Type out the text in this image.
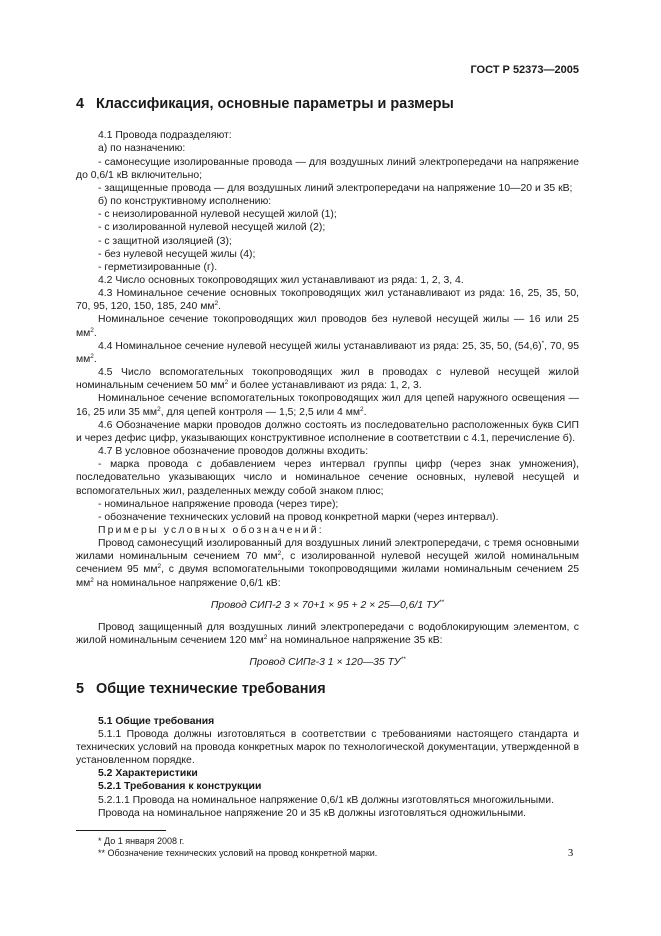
ГОСТ Р 52373—2005
4 Классификация, основные параметры и размеры

4.1 Провода подразделяют:

а) по назначению:

- самонесущие изолированные провода — для воздушных линий электропередачи на напряжение до 0,6/1 кВ включительно;

- защищенные провода — для воздушных линий электропередачи на напряжение 10—20 и 35 кВ;

б) по конструктивному исполнению:

- с неизолированной нулевой несущей жилой (1);

- с изолированной нулевой несущей жилой (2);

- с защитной изоляцией (3);

- без нулевой несущей жилы (4);

- герметизированные (г).

4.2 Число основных токопроводящих жил устанавливают из ряда: 1, 2, 3, 4.

4.3 Номинальное сечение основных токопроводящих жил устанавливают из ряда: 16, 25, 35, 50, 70, 95, 120, 150, 185, 240 $мм^2$.

Номинальное сечение токопроводящих жил проводов без нулевой несущей жилы — 16 или 25 $мм^2$.

4.4 Номинальное сечение нулевой несущей жилы устанавливают из ряда: 25, 35, 50, (54,6)*, 70, 95 $мм^2$.

4.5 Число вспомогательных токопроводящих жил в проводах с нулевой несущей жилой номинальным сечением 50 $мм^2$ и более устанавливают из ряда: 1, 2, 3.

Номинальное сечение вспомогательных токопроводящих жил для цепей наружного освещения — 16, 25 или 35 $мм^2$, для цепей контроля — 1,5; 2,5 или 4 $мм^2$.

4.6 Обозначение марки проводов должно состоять из последовательно расположенных букв СИП и через дефис цифр, указывающих конструктивное исполнение в соответствии с 4.1, перечисление б).

4.7 В условное обозначение проводов должны входить:

- марка провода с добавлением через интервал группы цифр (через знак умножения), последовательно указывающих число и номинальное сечение основных, нулевой несущей и вспомогательных жил, разделенных между собой знаком плюс;

- номинальное напряжение провода (через тире);

- обозначение технических условий на провод конкретной марки (через интервал).

Примеры условных обозначений:

Провод самонесущий изолированный для воздушных линий электропередачи, с тремя основными жилами номинальным сечением 70 $мм^2$, с изолированной нулевой несущей жилой номинальным сечением 95 $мм^2$, с двумя вспомогательными токопроводящими жилами номинальным сечением 25 $мм^2$ на номинальное напряжение 0,6/1 кВ:

Провод СИП-2 3 × 70+1 × 95 + 2 × 25—0,6/1 ТУ**

Провод защищенный для воздушных линий электропередачи с водоблокирующим элементом, с жилой номинальным сечением 120 $мм^2$ на номинальное напряжение 35 кВ:

Провод СИПг-3 1 × 120—35 ТУ**

5 Общие технические требования

5.1 Общие требования

5.1.1 Провода должны изготовляться в соответствии с требованиями настоящего стандарта и технических условий на провода конкретных марок по технологической документации, утвержденной в установленном порядке.

5.2 Характеристики

5.2.1 Требования к конструкции

5.2.1.1 Провода на номинальное напряжение 0,6/1 кВ должны изготовляться многожильными.

Провода на номинальное напряжение 20 и 35 кВ должны изготовляться одножильными.

* До 1 января 2008 г.

** Обозначение технических условий на провод конкретной марки.	3
